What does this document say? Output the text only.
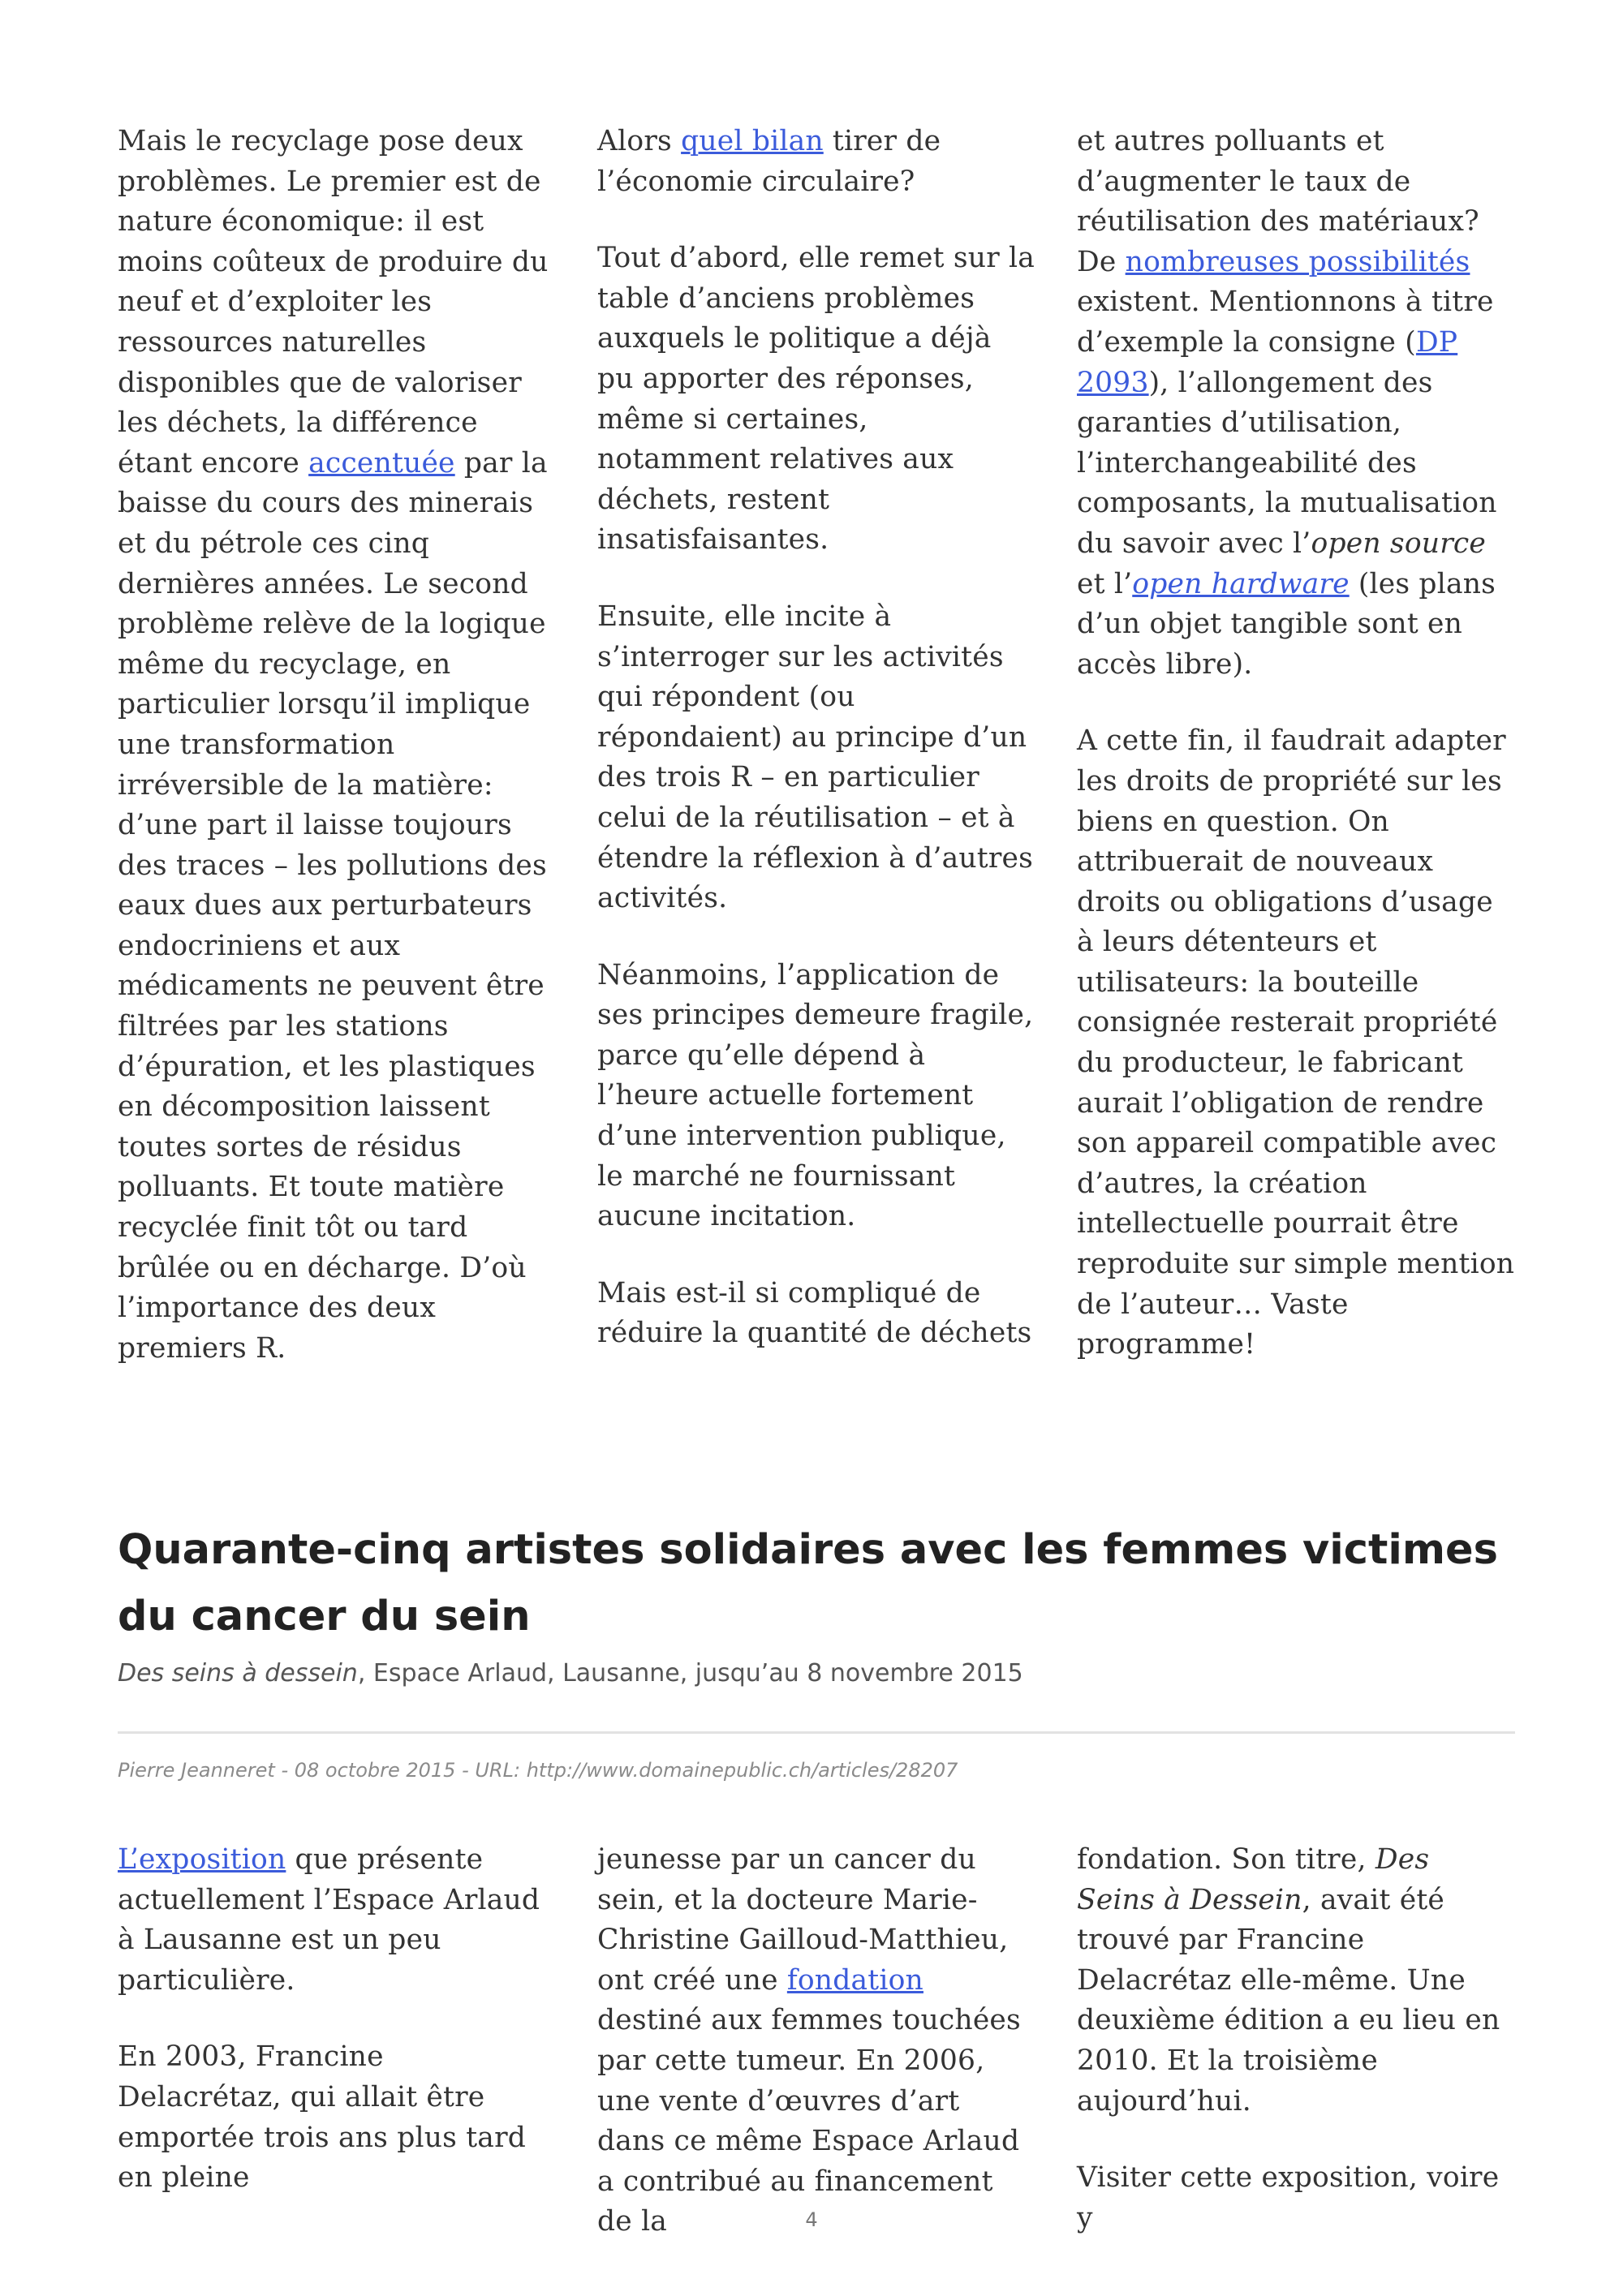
Mais le recyclage pose deux problèmes. Le premier est de nature économique: il est moins coûteux de produire du neuf et d’exploiter les ressources naturelles disponibles que de valoriser les déchets, la différence étant encore accentuée par la baisse du cours des minerais et du pétrole ces cinq dernières années. Le second problème relève de la logique même du recyclage, en particulier lorsqu’il implique une transformation irréversible de la matière: d’une part il laisse toujours des traces – les pollutions des eaux dues aux perturbateurs endocriniens et aux médicaments ne peuvent être filtrées par les stations d’épuration, et les plastiques en décomposition laissent toutes sortes de résidus polluants. Et toute matière recyclée finit tôt ou tard brûlée ou en décharge. D’où l’importance des deux premiers R.

Alors quel bilan tirer de l’économie circulaire?

Tout d’abord, elle remet sur la table d’anciens problèmes auxquels le politique a déjà pu apporter des réponses, même si certaines, notamment relatives aux déchets, restent insatisfaisantes.

Ensuite, elle incite à s’interroger sur les activités qui répondent (ou répondaient) au principe d’un des trois R – en particulier celui de la réutilisation – et à étendre la réflexion à d’autres activités.

Néanmoins, l’application de ses principes demeure fragile, parce qu’elle dépend à l’heure actuelle fortement d’une intervention publique, le marché ne fournissant aucune incitation.

Mais est-il si compliqué de réduire la quantité de déchets

et autres polluants et d’augmenter le taux de réutilisation des matériaux? De nombreuses possibilités existent. Mentionnons à titre d’exemple la consigne (DP 2093), l’allongement des garanties d’utilisation, l’interchangeabilité des composants, la mutualisation du savoir avec l’open source et l’open hardware (les plans d’un objet tangible sont en accès libre).

A cette fin, il faudrait adapter les droits de propriété sur les biens en question. On attribuerait de nouveaux droits ou obligations d’usage à leurs détenteurs et utilisateurs: la bouteille consignée resterait propriété du producteur, le fabricant aurait l’obligation de rendre son appareil compatible avec d’autres, la création intellectuelle pourrait être reproduite sur simple mention de l’auteur… Vaste programme!

Quarante-cinq artistes solidaires avec les femmes victimes du cancer du sein

Des seins à dessein, Espace Arlaud, Lausanne, jusqu’au 8 novembre 2015

Pierre Jeanneret - 08 octobre 2015 - URL: http://www.domainepublic.ch/articles/28207

L’exposition que présente actuellement l’Espace Arlaud à Lausanne est un peu particulière.

En 2003, Francine Delacrétaz, qui allait être emportée trois ans plus tard en pleine

jeunesse par un cancer du sein, et la docteure Marie-Christine Gailloud-Matthieu, ont créé une fondation destiné aux femmes touchées par cette tumeur. En 2006, une vente d’œuvres d’art dans ce même Espace Arlaud a contribué au financement de la

fondation. Son titre, Des Seins à Dessein, avait été trouvé par Francine Delacrétaz elle-même. Une deuxième édition a eu lieu en 2010. Et la troisième aujourd’hui.

Visiter cette exposition, voire y

4
